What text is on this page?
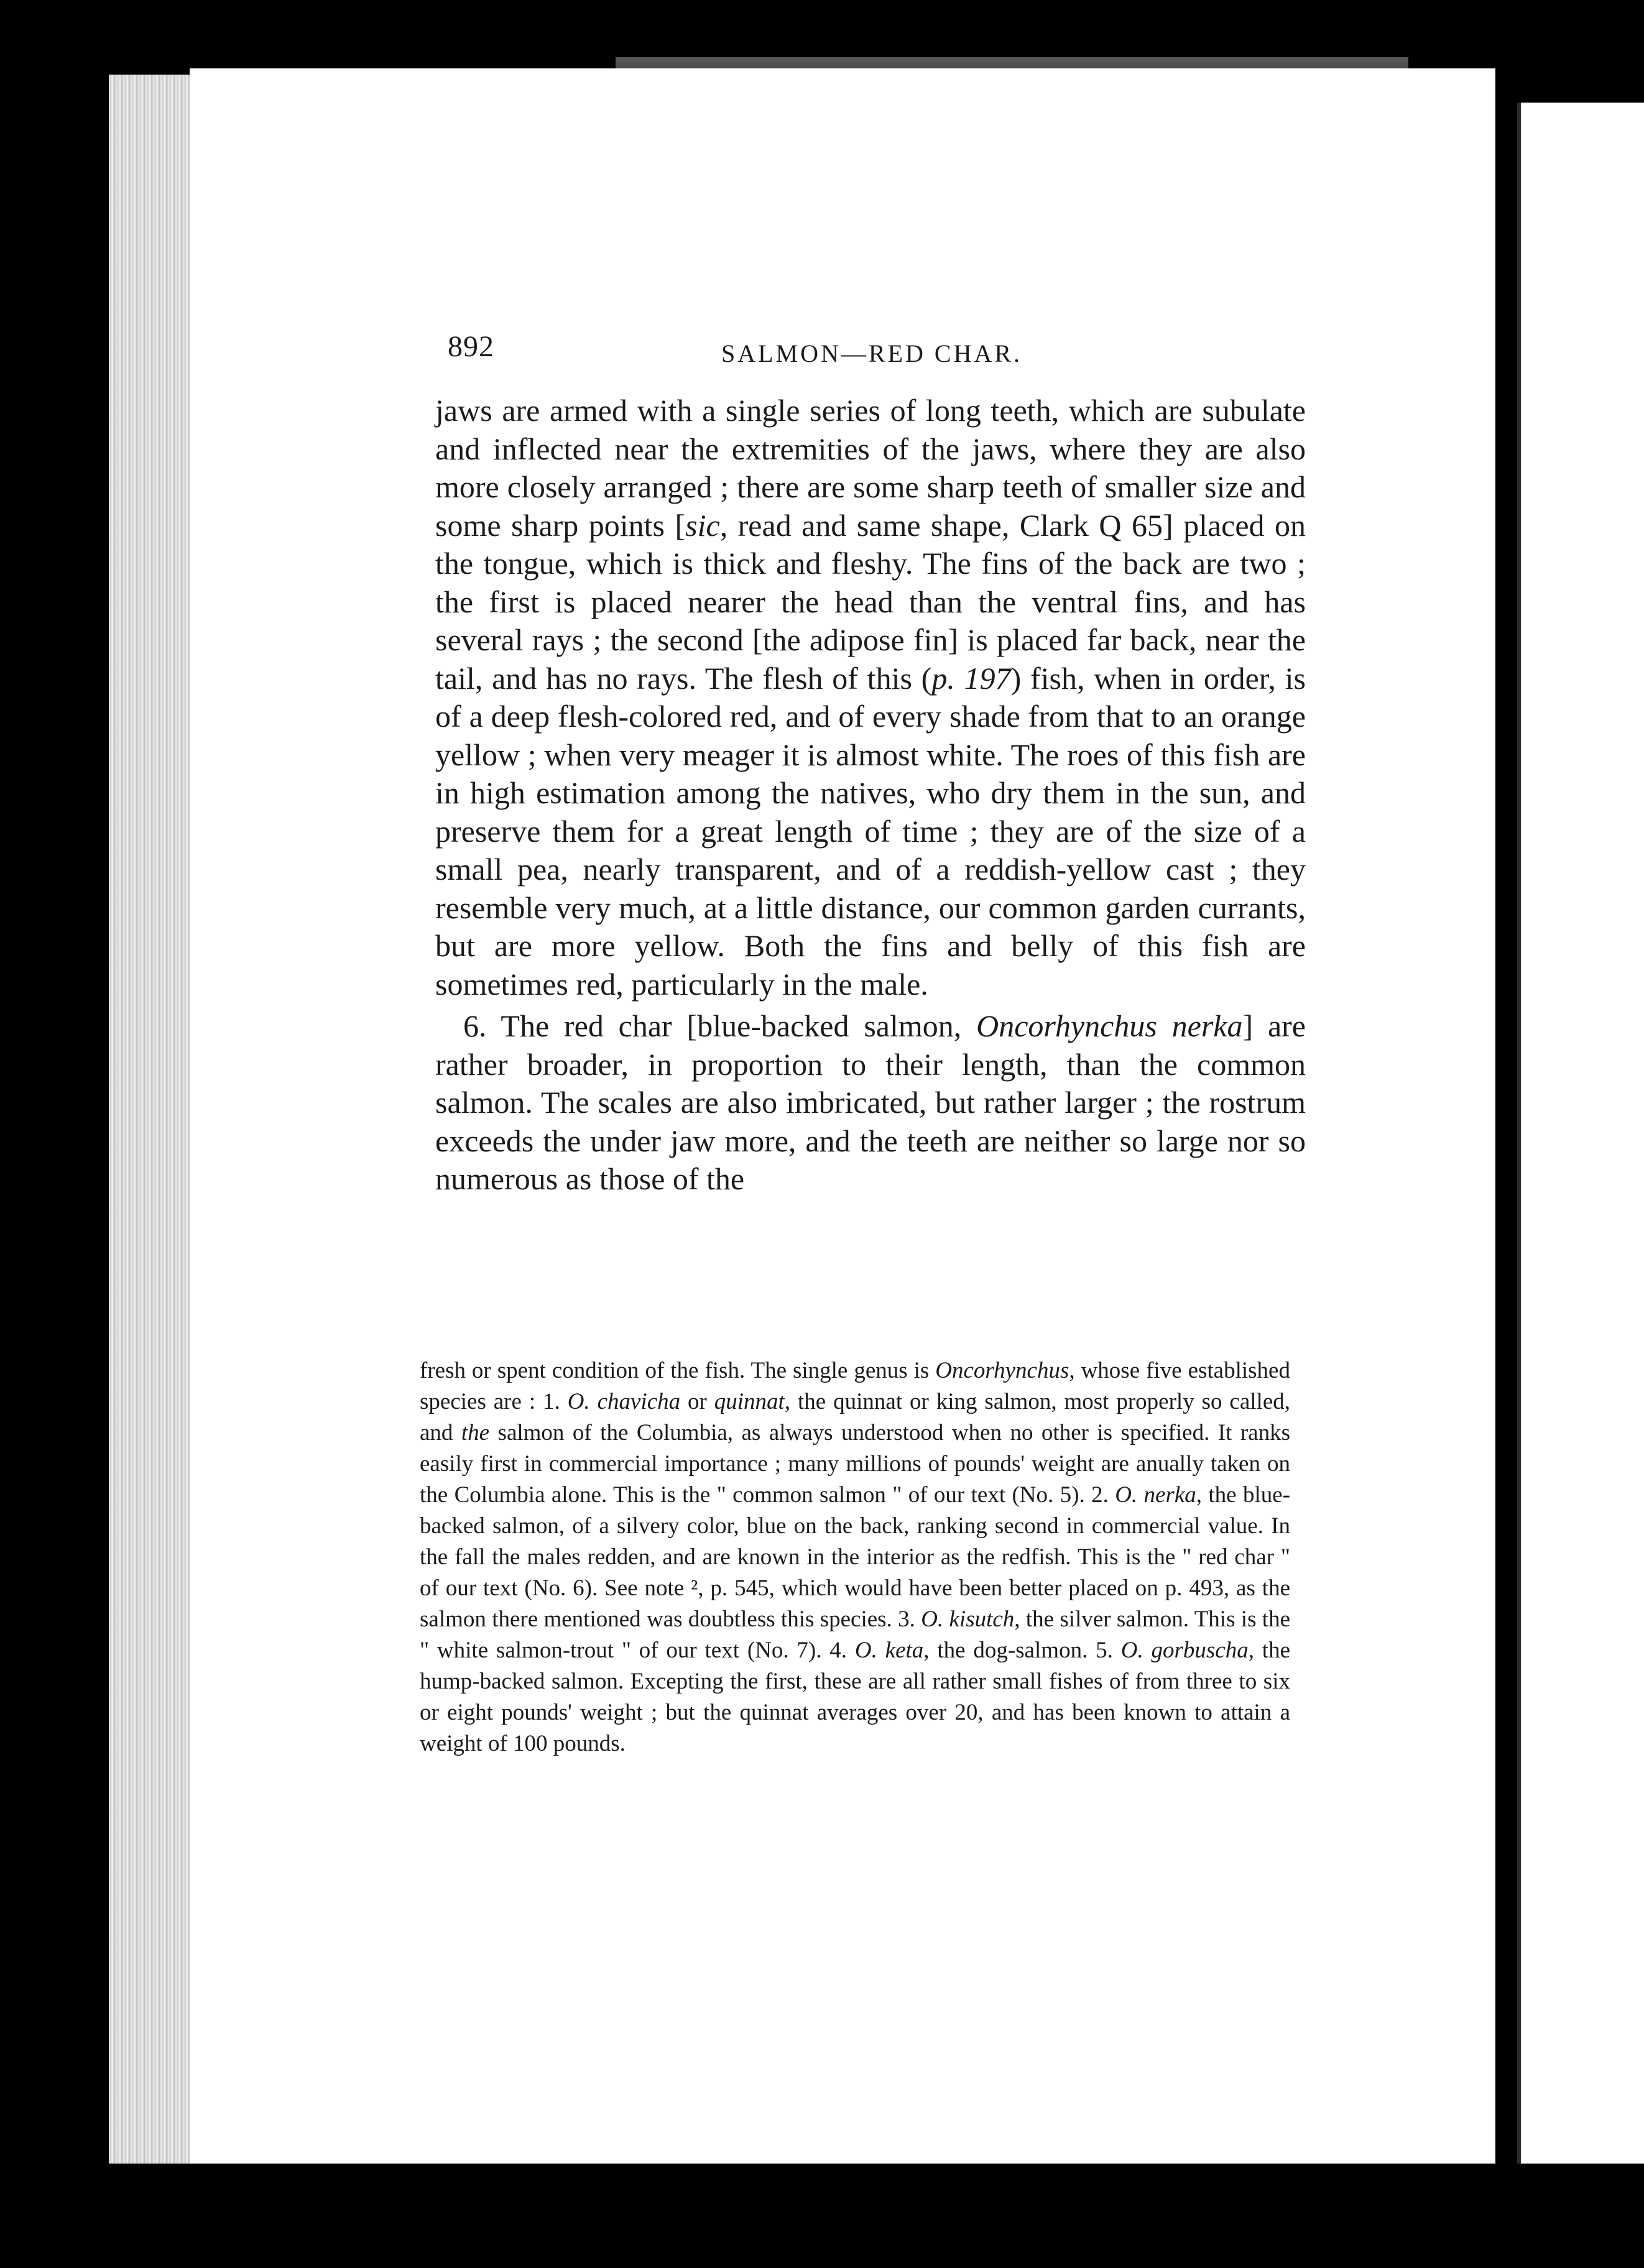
892	SALMON—RED CHAR.

jaws are armed with a single series of long teeth, which are subulate and inflected near the extremities of the jaws, where they are also more closely arranged ; there are some sharp teeth of smaller size and some sharp points [sic, read and same shape, Clark Q 65] placed on the tongue, which is thick and fleshy. The fins of the back are two ; the first is placed nearer the head than the ventral fins, and has several rays ; the second [the adipose fin] is placed far back, near the tail, and has no rays. The flesh of this (p. 197) fish, when in order, is of a deep flesh-colored red, and of every shade from that to an orange yellow ; when very meager it is almost white. The roes of this fish are in high estimation among the natives, who dry them in the sun, and preserve them for a great length of time ; they are of the size of a small pea, nearly transparent, and of a reddish-yellow cast ; they resemble very much, at a little distance, our common garden currants, but are more yellow. Both the fins and belly of this fish are sometimes red, particularly in the male.

6. The red char [blue-backed salmon, Oncorhynchus nerka] are rather broader, in proportion to their length, than the common salmon. The scales are also imbricated, but rather larger ; the rostrum exceeds the under jaw more, and the teeth are neither so large nor so numerous as those of the

fresh or spent condition of the fish. The single genus is Oncorhynchus, whose five established species are : 1. O. chavicha or quinnat, the quinnat or king salmon, most properly so called, and the salmon of the Columbia, as always understood when no other is specified. It ranks easily first in commercial importance ; many millions of pounds' weight are anually taken on the Columbia alone. This is the " common salmon " of our text (No. 5). 2. O. nerka, the blue-backed salmon, of a silvery color, blue on the back, ranking second in commercial value. In the fall the males redden, and are known in the interior as the redfish. This is the " red char " of our text (No. 6). See note ², p. 545, which would have been better placed on p. 493, as the salmon there mentioned was doubtless this species. 3. O. kisutch, the silver salmon. This is the " white salmon-trout " of our text (No. 7). 4. O. keta, the dog-salmon. 5. O. gorbuscha, the hump-backed salmon. Excepting the first, these are all rather small fishes of from three to six or eight pounds' weight ; but the quinnat averages over 20, and has been known to attain a weight of 100 pounds.
